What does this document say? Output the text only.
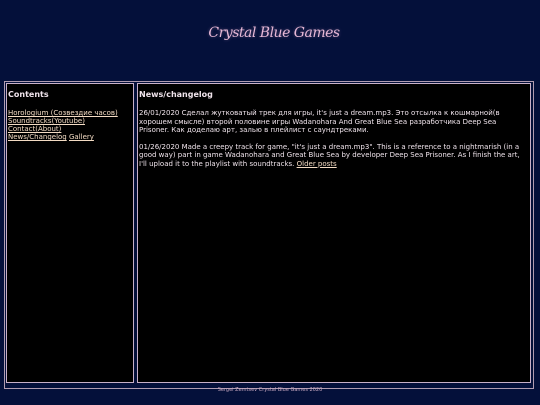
Crystal Blue Games
Contents
Horologium (Созвездие часов)
Soundtracks(Youtube)
Contact(About)
News/Changelog Gallery
News/changelog

26/01/2020 Сделал жутковатый трек для игры, it's just a dream.mp3. Это отсылка к кошмарной(в хорошем смысле) второй половине игры Wadanohara And Great Blue Sea разработчика Deep Sea Prisoner. Как доделаю арт, залью в плейлист с саундтреками.

01/26/2020 Made a creepy track for game, "it's just a dream.mp3". This is a reference to a nightmarish (in a good way) part in game Wadanohara and Great Blue Sea by developer Deep Sea Prisoner. As I finish the art, I'll upload it to the playlist with soundtracks. Older posts

Sergei Zemtsev Crystal Blue Games 2020
